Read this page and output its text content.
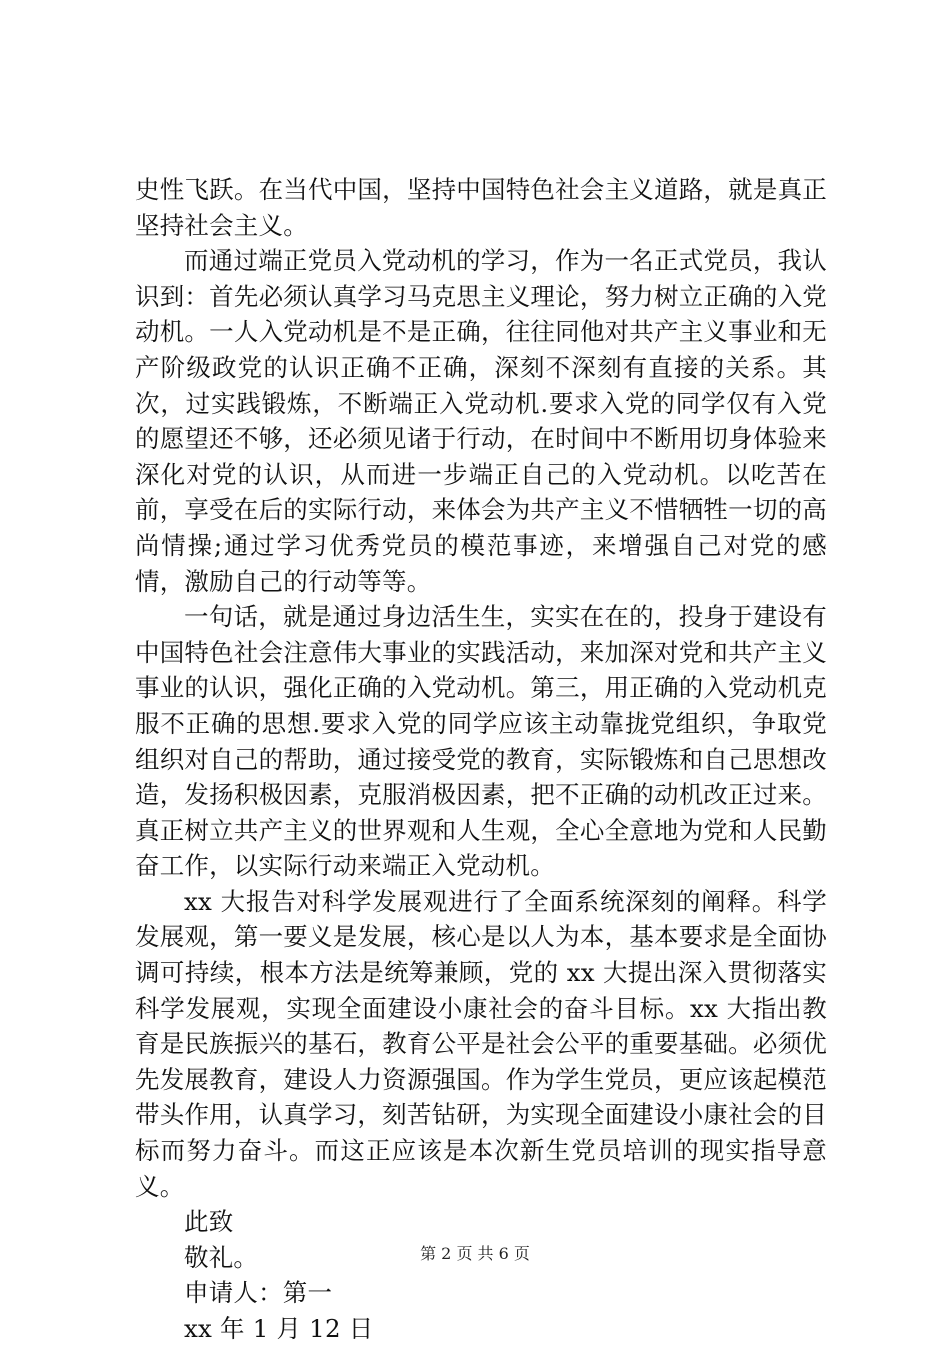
史性飞跃。在当代中国，坚持中国特色社会主义道路，就是真正坚持社会主义。

而通过端正党员入党动机的学习，作为一名正式党员，我认识到：首先必须认真学习马克思主义理论，努力树立正确的入党动机。一人入党动机是不是正确，往往同他对共产主义事业和无产阶级政党的认识正确不正确，深刻不深刻有直接的关系。其次，过实践锻炼，不断端正入党动机.要求入党的同学仅有入党的愿望还不够，还必须见诸于行动，在时间中不断用切身体验来深化对党的认识，从而进一步端正自己的入党动机。以吃苦在前，享受在后的实际行动，来体会为共产主义不惜牺牲一切的高尚情操;通过学习优秀党员的模范事迹，来增强自己对党的感情，激励自己的行动等等。

一句话，就是通过身边活生生，实实在在的，投身于建设有中国特色社会注意伟大事业的实践活动，来加深对党和共产主义事业的认识，强化正确的入党动机。第三，用正确的入党动机克服不正确的思想.要求入党的同学应该主动靠拢党组织，争取党组织对自己的帮助，通过接受党的教育，实际锻炼和自己思想改造，发扬积极因素，克服消极因素，把不正确的动机改正过来。真正树立共产主义的世界观和人生观，全心全意地为党和人民勤奋工作，以实际行动来端正入党动机。

xx 大报告对科学发展观进行了全面系统深刻的阐释。科学发展观，第一要义是发展，核心是以人为本，基本要求是全面协调可持续，根本方法是统筹兼顾，党的 xx 大提出深入贯彻落实科学发展观，实现全面建设小康社会的奋斗目标。xx 大指出教育是民族振兴的基石，教育公平是社会公平的重要基础。必须优先发展教育，建设人力资源强国。作为学生党员，更应该起模范带头作用，认真学习，刻苦钻研，为实现全面建设小康社会的目标而努力奋斗。而这正应该是本次新生党员培训的现实指导意义。

此致

敬礼。

申请人：第一

xx 年 1 月 12 日

第 2 页 共 6 页
